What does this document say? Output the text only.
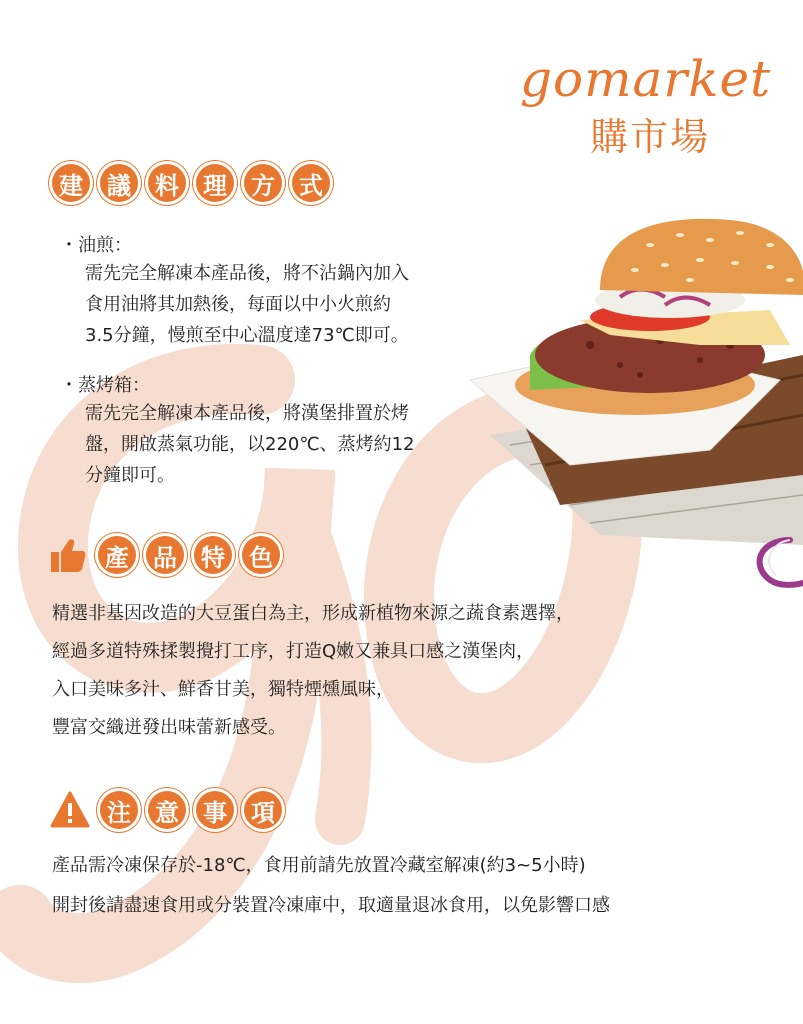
gomarket
購市場
建 議 料 理 方 式
・油煎：
需先完全解凍本產品後，將不沾鍋內加入
食用油將其加熱後，每面以中小火煎約
3.5分鐘，慢煎至中心溫度達73℃即可。
・蒸烤箱：
需先完全解凍本產品後，將漢堡排置於烤
盤，開啟蒸氣功能，以220℃、蒸烤約12
分鐘即可。
產 品 特 色
精選非基因改造的大豆蛋白為主，形成新植物來源之蔬食素選擇，
經過多道特殊揉製攪打工序，打造Q嫩又兼具口感之漢堡肉，
入口美味多汁、鮮香甘美，獨特煙燻風味，
豐富交織迸發出味蕾新感受。
注 意 事 項
產品需冷凍保存於-18℃，食用前請先放置冷藏室解凍(約3~5小時)
開封後請盡速食用或分裝置冷凍庫中，取適量退冰食用，以免影響口感
